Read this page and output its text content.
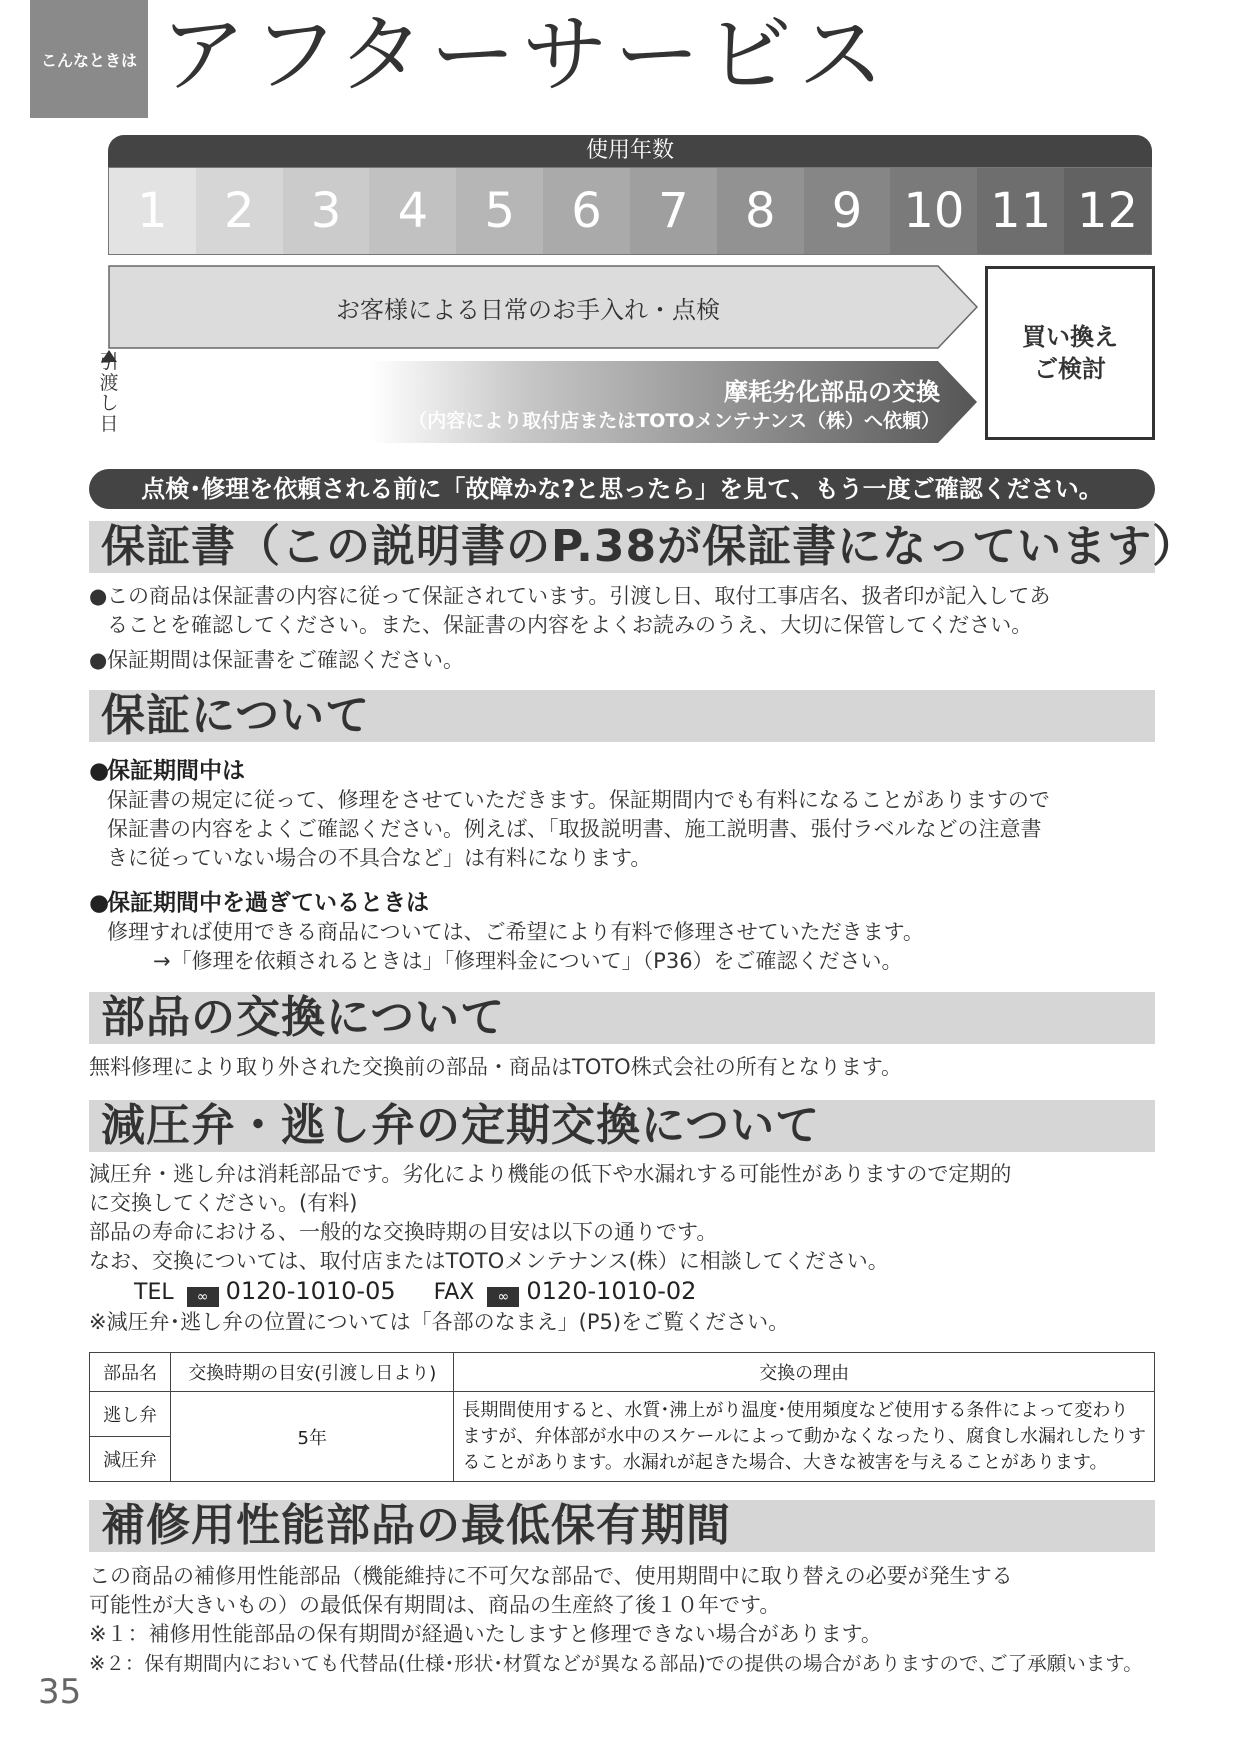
こんなときは アフターサービス
使用年数
1	2	3	4	5	6	7	8	9 10 11 12
お客様による日常のお手入れ・点検
摩耗劣化部品の交換
（内容により取付店またはTOTOメンテナンス（株）へ依頼）
買い換え
ご検討
引
渡
し
日
点検･修理を依頼される前に「故障かな?と思ったら」を見て、もう一度ご確認ください。
保証書（この説明書のP.38が保証書になっています）
●この商品は保証書の内容に従って保証されています。引渡し日、取付工事店名、扱者印が記入してあ
ることを確認してください。また、保証書の内容をよくお読みのうえ、大切に保管してください。
●保証期間は保証書をご確認ください。
保証について
●保証期間中は
保証書の規定に従って、修理をさせていただきます。保証期間内でも有料になることがありますので
保証書の内容をよくご確認ください。例えば、「取扱説明書、施工説明書、張付ラベルなどの注意書
きに従っていない場合の不具合など」は有料になります。
●保証期間中を過ぎているときは
修理すれば使用できる商品については、ご希望により有料で修理させていただきます。
→「修理を依頼されるときは」「修理料金について」（P36）をご確認ください。
部品の交換について
無料修理により取り外された交換前の部品・商品はTOTO株式会社の所有となります。
減圧弁・逃し弁の定期交換について
減圧弁・逃し弁は消耗部品です。劣化により機能の低下や水漏れする可能性がありますので定期的
に交換してください。(有料)
部品の寿命における、一般的な交換時期の目安は以下の通りです。
なお、交換については、取付店またはTOTOメンテナンス(株）に相談してください。
TEL ∞ 0120-1010-05 FAX ∞ 0120-1010-02
※減圧弁･逃し弁の位置については「各部のなまえ」(P5)をご覧ください。
部品名	交換時期の目安(引渡し日より)	交換の理由
逃し弁	5年	長期間使用すると、水質･沸上がり温度･使用頻度など使用する条件によって変わり
ますが、弁体部が水中のスケールによって動かなくなったり、腐食し水漏れしたりす
ることがあります。水漏れが起きた場合、大きな被害を与えることがあります。

減圧弁		
補修用性能部品の最低保有期間
この商品の補修用性能部品（機能維持に不可欠な部品で、使用期間中に取り替えの必要が発生する
可能性が大きいもの）の最低保有期間は、商品の生産終了後１０年です。
※１：補修用性能部品の保有期間が経過いたしますと修理できない場合があります。
※２：保有期間内においても代替品(仕様･形状･材質などが異なる部品)での提供の場合がありますので､ご了承願います。
35
